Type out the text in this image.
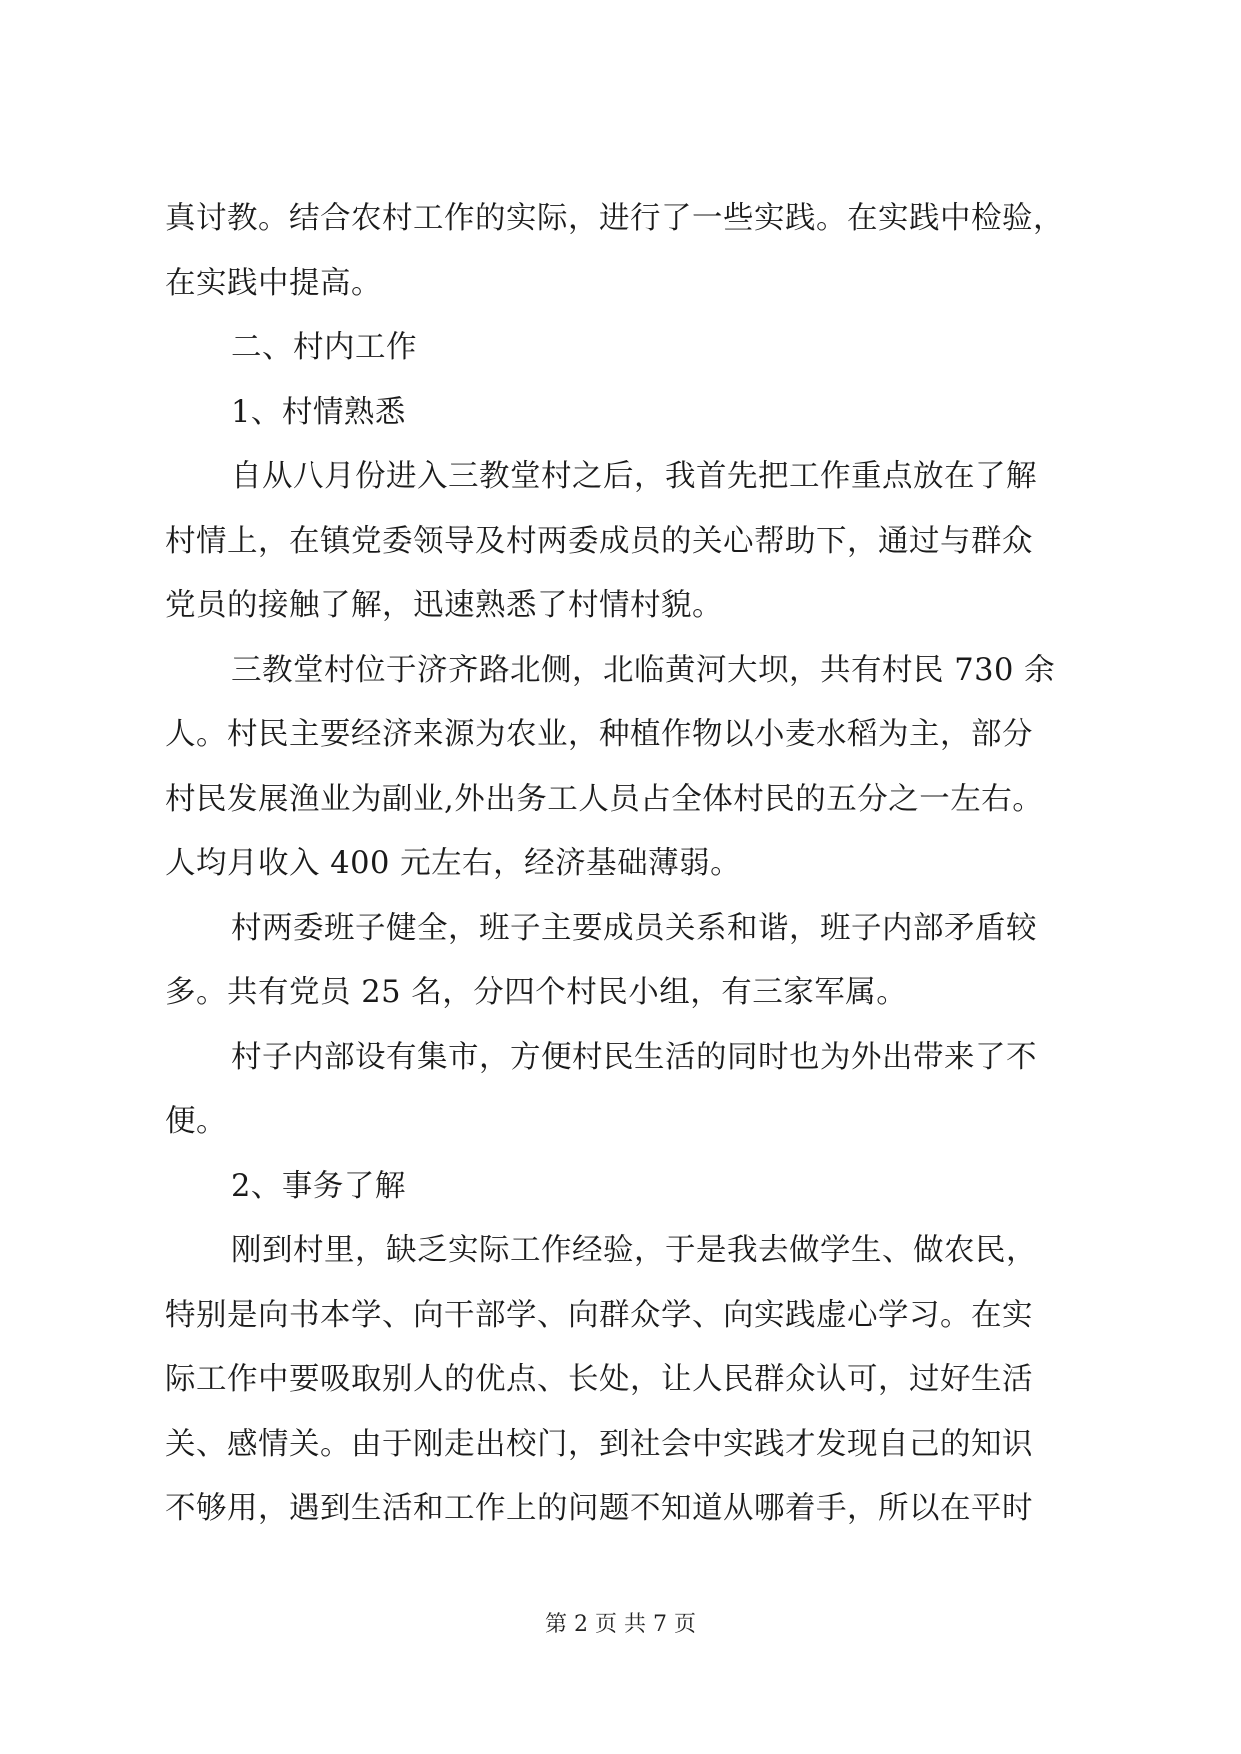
真讨教。结合农村工作的实际，进行了一些实践。在实践中检验，
在实践中提高。
二、村内工作
1、村情熟悉
自从八月份进入三教堂村之后，我首先把工作重点放在了解
村情上，在镇党委领导及村两委成员的关心帮助下，通过与群众
党员的接触了解，迅速熟悉了村情村貌。
三教堂村位于济齐路北侧，北临黄河大坝，共有村民 730 余
人。村民主要经济来源为农业，种植作物以小麦水稻为主，部分
村民发展渔业为副业,外出务工人员占全体村民的五分之一左右。
人均月收入 400 元左右，经济基础薄弱。
村两委班子健全，班子主要成员关系和谐，班子内部矛盾较
多。共有党员 25 名，分四个村民小组，有三家军属。
村子内部设有集市，方便村民生活的同时也为外出带来了不
便。
2、事务了解
刚到村里，缺乏实际工作经验，于是我去做学生、做农民，
特别是向书本学、向干部学、向群众学、向实践虚心学习。在实
际工作中要吸取别人的优点、长处，让人民群众认可，过好生活
关、感情关。由于刚走出校门，到社会中实践才发现自己的知识
不够用，遇到生活和工作上的问题不知道从哪着手，所以在平时
第 2 页 共 7 页
